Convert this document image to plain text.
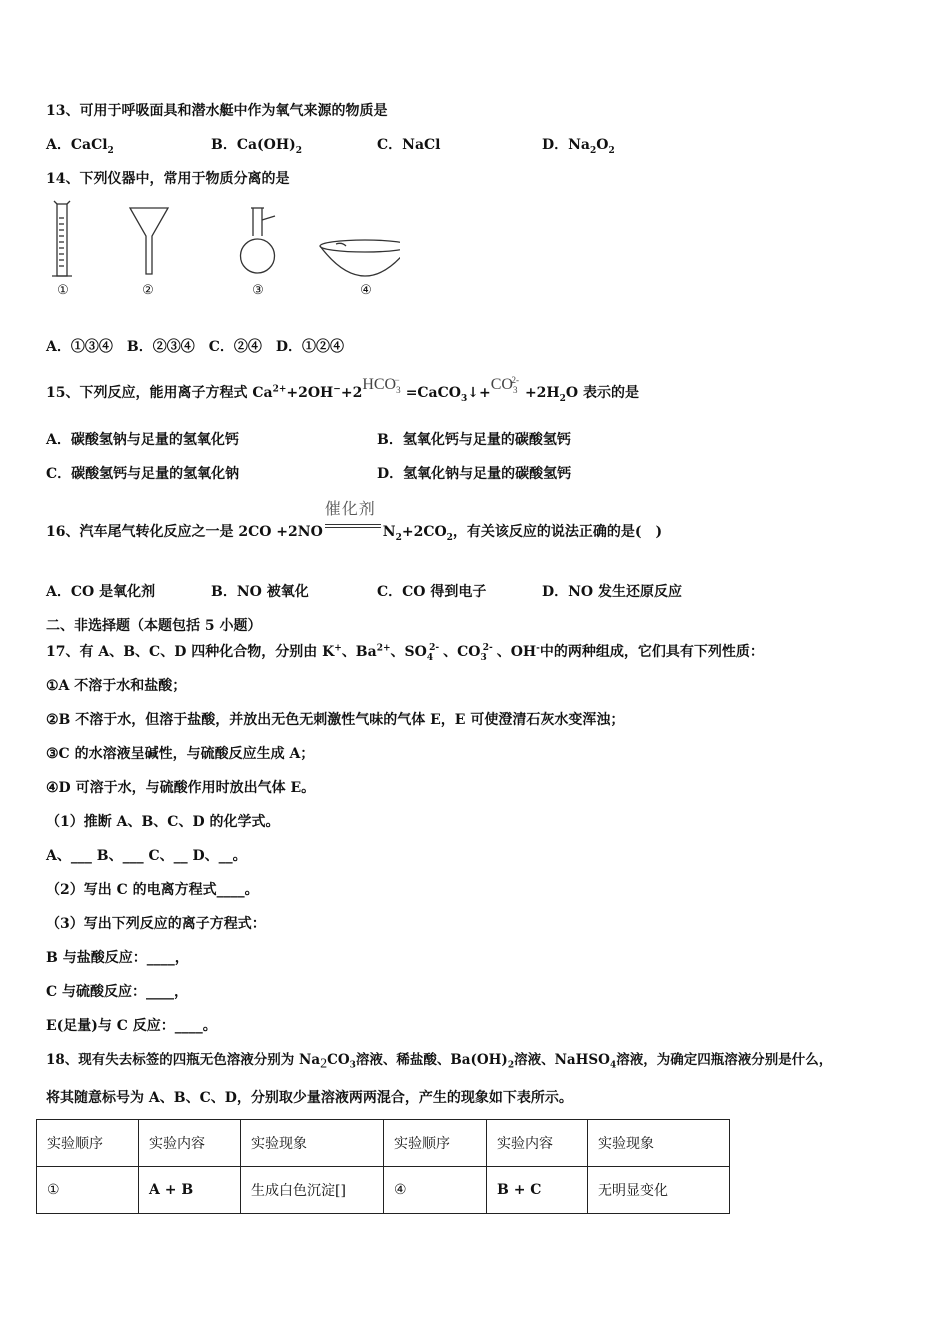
13、可用于呼吸面具和潜水艇中作为氧气来源的物质是
A．CaCl$_2$	B．$Ca(OH)_2$	C．NaCl	D．$Na_2O_2$
14、下列仪器中，常用于物质分离的是
①	②	③	④
A．①③④　B．②③④　C．②④　D．①②④
15、下列反应，能用离子方程式 $Ca^{2+}+2OH^-+2HCO_3^-=CaCO_3↓+CO_3^{2-}+2H_2O$ 表示的是
A．碳酸氢钠与足量的氢氧化钙	B．氢氧化钙与足量的碳酸氢钙
C．碳酸氢钙与足量的氢氧化钠	D．氢氧化钠与足量的碳酸氢钙
16、汽车尾气转化反应之一是 2CO +2NO
催化剂
$N_2+2CO_2$，有关该反应的说法正确的是(　)
A．CO 是氧化剂	B．NO 被氧化	C．CO 得到电子	D．NO 发生还原反应
二、非选择题（本题包括 5 小题）
17、有 A、B、C、D 四种化合物，分别由 K+、$Ba^{2+}$、$SO_4^{2-}$ 、$CO_3^{2-}$ 、OH-中的两种组成，它们具有下列性质：
①A 不溶于水和盐酸；
②B 不溶于水，但溶于盐酸，并放出无色无刺激性气味的气体 E，E 可使澄清石灰水变浑浊；
③C 的水溶液呈碱性，与硫酸反应生成 A；
④D 可溶于水，与硫酸作用时放出气体 E。
（1）推断 A、B、C、D 的化学式。
A、___ B、___ C、__ D、__。
（2）写出 C 的电离方程式____。
（3）写出下列反应的离子方程式：
B 与盐酸反应：____，
C 与硫酸反应：____，
E(足量)与 C 反应：____。
18、现有失去标签的四瓶无色溶液分别为 $Na_2CO_3$溶液、稀盐酸、$Ba(OH)_2$溶液、NaHSO$_4$溶液，为确定四瓶溶液分别是什么，
将其随意标号为 A、B、C、D，分别取少量溶液两两混合，产生的现象如下表所示。
实验顺序	实验内容	实验现象	实验顺序	实验内容	实验现象
①	A + B	生成白色沉淀[]	④	B + C	无明显变化
